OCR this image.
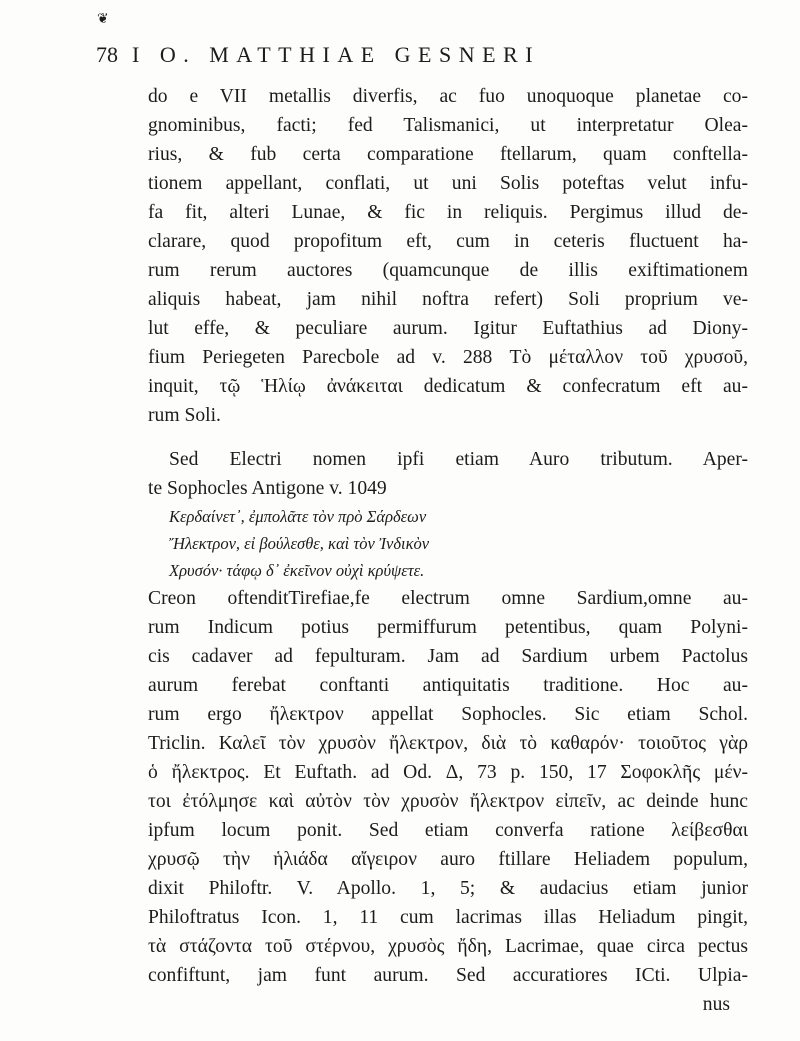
❦
78 I O. MATTHIAE GESNERI
do e VII metallis diverfis, ac fuo unoquoque planetae co-
gnominibus, facti; fed Talismanici, ut interpretatur Olea-
rius, & fub certa comparatione ftellarum, quam conftella-
tionem appellant, conflati, ut uni Solis poteftas velut infu-
fa fit, alteri Lunae, & fic in reliquis. Pergimus illud de-
clarare, quod propofitum eft, cum in ceteris fluctuent ha-
rum rerum auctores (quamcunque de illis exiftimationem
aliquis habeat, jam nihil noftra refert) Soli proprium ve-
lut effe, & peculiare aurum. Igitur Euftathius ad Diony-
fium Periegeten Parecbole ad v. 288 Τὸ μέταλλον τοῦ χρυσοῦ,
inquit, τῷ Ἡλίῳ ἀνάκειται dedicatum & confecratum eft au-
rum Soli.
Sed Electri nomen ipfi etiam Auro tributum. Aper-
te Sophocles Antigone v. 1049
Κερδαίνετ᾽, ἐμπολᾶτε τὸν πρὸ Σάρδεων
Ἤλεκτρον, εἰ βούλεσθε, καὶ τὸν Ἰνδικὸν
Χρυσόν· τάφῳ δ᾽ ἐκεῖνον οὐχὶ κρύψετε.
Creon oftenditTirefiae,fe electrum omne Sardium,omne au-
rum Indicum potius permiffurum petentibus, quam Polyni-
cis cadaver ad fepulturam. Jam ad Sardium urbem Pactolus
aurum ferebat conftanti antiquitatis traditione. Hoc au-
rum ergo ἤλεκτρον appellat Sophocles. Sic etiam Schol.
Triclin. Καλεῖ τὸν χρυσὸν ἤλεκτρον, διὰ τὸ καθαρόν· τοιοῦτος γὰρ
ὁ ἤλεκτρος. Et Euftath. ad Od. Δ, 73 p. 150, 17 Σοφοκλῆς μέν-
τοι ἐτόλμησε καὶ αὐτὸν τὸν χρυσὸν ἤλεκτρον εἰπεῖν, ac deinde hunc
ipfum locum ponit. Sed etiam converfa ratione λείβεσθαι
χρυσῷ τὴν ἡλιάδα αἴγειρον auro ftillare Heliadem populum,
dixit Philoftr. V. Apollo. 1, 5; & audacius etiam junior
Philoftratus Icon. 1, 11 cum lacrimas illas Heliadum pingit,
τὰ στάζοντα τοῦ στέρνου, χρυσὸς ἤδη, Lacrimae, quae circa pectus
confiftunt, jam funt aurum. Sed accuratiores ICti. Ulpia-
nus
